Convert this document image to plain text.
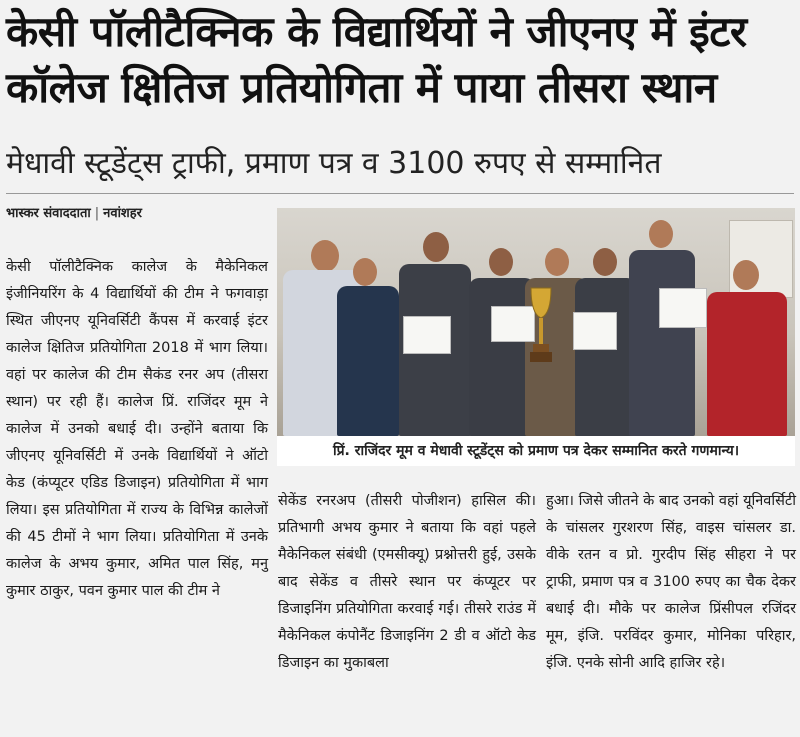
केसी पॉलीटैक्निक के विद्यार्थियों ने जीएनए में इंटर कॉलेज क्षितिज प्रतियोगिता में पाया तीसरा स्थान
मेधावी स्टूडेंट्स ट्राफी, प्रमाण पत्र व 3100 रुपए से सम्मानित
भास्कर संवाददाता | नवांशहर
केसी पॉलीटैक्निक कालेज के मैकेनिकल इंजीनियरिंग के 4 विद्यार्थियों की टीम ने फगवाड़ा स्थित जीएनए यूनिवर्सिटी कैंपस में करवाई इंटर कालेज क्षितिज प्रतियोगिता 2018 में भाग लिया। वहां पर कालेज की टीम सैकंड रनर अप (तीसरा स्थान) पर रही हैं। कालेज प्रिं. राजिंदर मूम ने कालेज में उनको बधाई दी। उन्होंने बताया कि जीएनए यूनिवर्सिटी में उनके विद्यार्थियों ने ऑटो केड (कंप्यूटर एडिड डिजाइन) प्रतियोगिता में भाग लिया। इस प्रतियोगिता में राज्य के विभिन्न कालेजों की 45 टीमों ने भाग लिया। प्रतियोगिता में उनके कालेज के अभय कुमार, अमित पाल सिंह, मनु कुमार ठाकुर, पवन कुमार पाल की टीम ने
प्रिं. राजिंदर मूम व मेधावी स्टूडेंट्स को प्रमाण पत्र देकर सम्मानित करते गणमान्य।
सेकेंड रनरअप (तीसरी पोजीशन) हासिल की। प्रतिभागी अभय कुमार ने बताया कि वहां पहले मैकेनिकल संबंधी (एमसीक्यू) प्रश्नोत्तरी हुई, उसके बाद सेकेंड व तीसरे स्थान पर कंप्यूटर पर डिजाइनिंग प्रतियोगिता करवाई गई। तीसरे राउंड में मैकेनिकल कंपोनैंट डिजाइनिंग 2 डी व ऑटो केड डिजाइन का मुकाबला
हुआ। जिसे जीतने के बाद उनको वहां यूनिवर्सिटी के चांसलर गुरशरण सिंह, वाइस चांसलर डा. वीके रतन व प्रो. गुरदीप सिंह सीहरा ने पर ट्राफी, प्रमाण पत्र व 3100 रुपए का चैक देकर बधाई दी। मौके पर कालेज प्रिंसीपल रजिंदर मूम, इंजि. परविंदर कुमार, मोनिका परिहार, इंजि. एनके सोनी आदि हाजिर रहे।
